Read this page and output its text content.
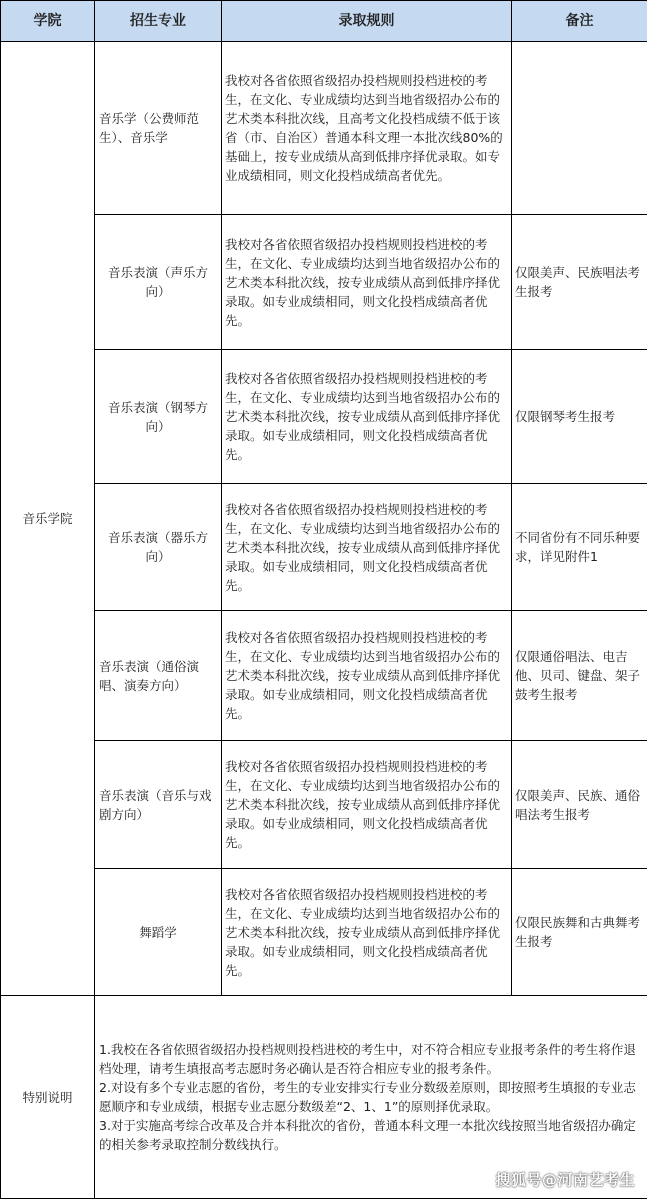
学院	招生专业	录取规则	备注
音乐学院	音乐学（公费师范生）、音乐学	我校对各省依照省级招办投档规则投档进校的考生，在文化、专业成绩均达到当地省级招办公布的艺术类本科批次线，且高考文化投档成绩不低于该省（市、自治区）普通本科文理一本批次线80%的基础上，按专业成绩从高到低排序择优录取。如专业成绩相同，则文化投档成绩高者优先。	
	音乐表演（声乐方向）	我校对各省依照省级招办投档规则投档进校的考生，在文化、专业成绩均达到当地省级招办公布的艺术类本科批次线，按专业成绩从高到低排序择优录取。如专业成绩相同，则文化投档成绩高者优先。	仅限美声、民族唱法考生报考
	音乐表演（钢琴方向）	我校对各省依照省级招办投档规则投档进校的考生，在文化、专业成绩均达到当地省级招办公布的艺术类本科批次线，按专业成绩从高到低排序择优录取。如专业成绩相同，则文化投档成绩高者优先。	仅限钢琴考生报考
	音乐表演（器乐方向）	我校对各省依照省级招办投档规则投档进校的考生，在文化、专业成绩均达到当地省级招办公布的艺术类本科批次线，按专业成绩从高到低排序择优录取。如专业成绩相同，则文化投档成绩高者优先。	不同省份有不同乐种要求，详见附件1
	音乐表演（通俗演唱、演奏方向）	我校对各省依照省级招办投档规则投档进校的考生，在文化、专业成绩均达到当地省级招办公布的艺术类本科批次线，按专业成绩从高到低排序择优录取。如专业成绩相同，则文化投档成绩高者优先。	仅限通俗唱法、电吉他、贝司、键盘、架子鼓考生报考
	音乐表演（音乐与戏剧方向）	我校对各省依照省级招办投档规则投档进校的考生，在文化、专业成绩均达到当地省级招办公布的艺术类本科批次线，按专业成绩从高到低排序择优录取。如专业成绩相同，则文化投档成绩高者优先。	仅限美声、民族、通俗唱法考生报考
	舞蹈学	我校对各省依照省级招办投档规则投档进校的考生，在文化、专业成绩均达到当地省级招办公布的艺术类本科批次线，按专业成绩从高到低排序择优录取。如专业成绩相同，则文化投档成绩高者优先。	仅限民族舞和古典舞考生报考
特别说明	1.我校在各省依照省级招办投档规则投档进校的考生中，对不符合相应专业报考条件的考生将作退档处理，请考生填报高考志愿时务必确认是否符合相应专业的报考条件。
2.对设有多个专业志愿的省份，考生的专业安排实行专业分数级差原则，即按照考生填报的专业志愿顺序和专业成绩，根据专业志愿分数级差“2、1、1”的原则择优录取。
3.对于实施高考综合改革及合并本科批次的省份，普通本科文理一本批次线按照当地省级招办确定的相关参考录取控制分数线执行。		
搜狐号@河南艺考生
